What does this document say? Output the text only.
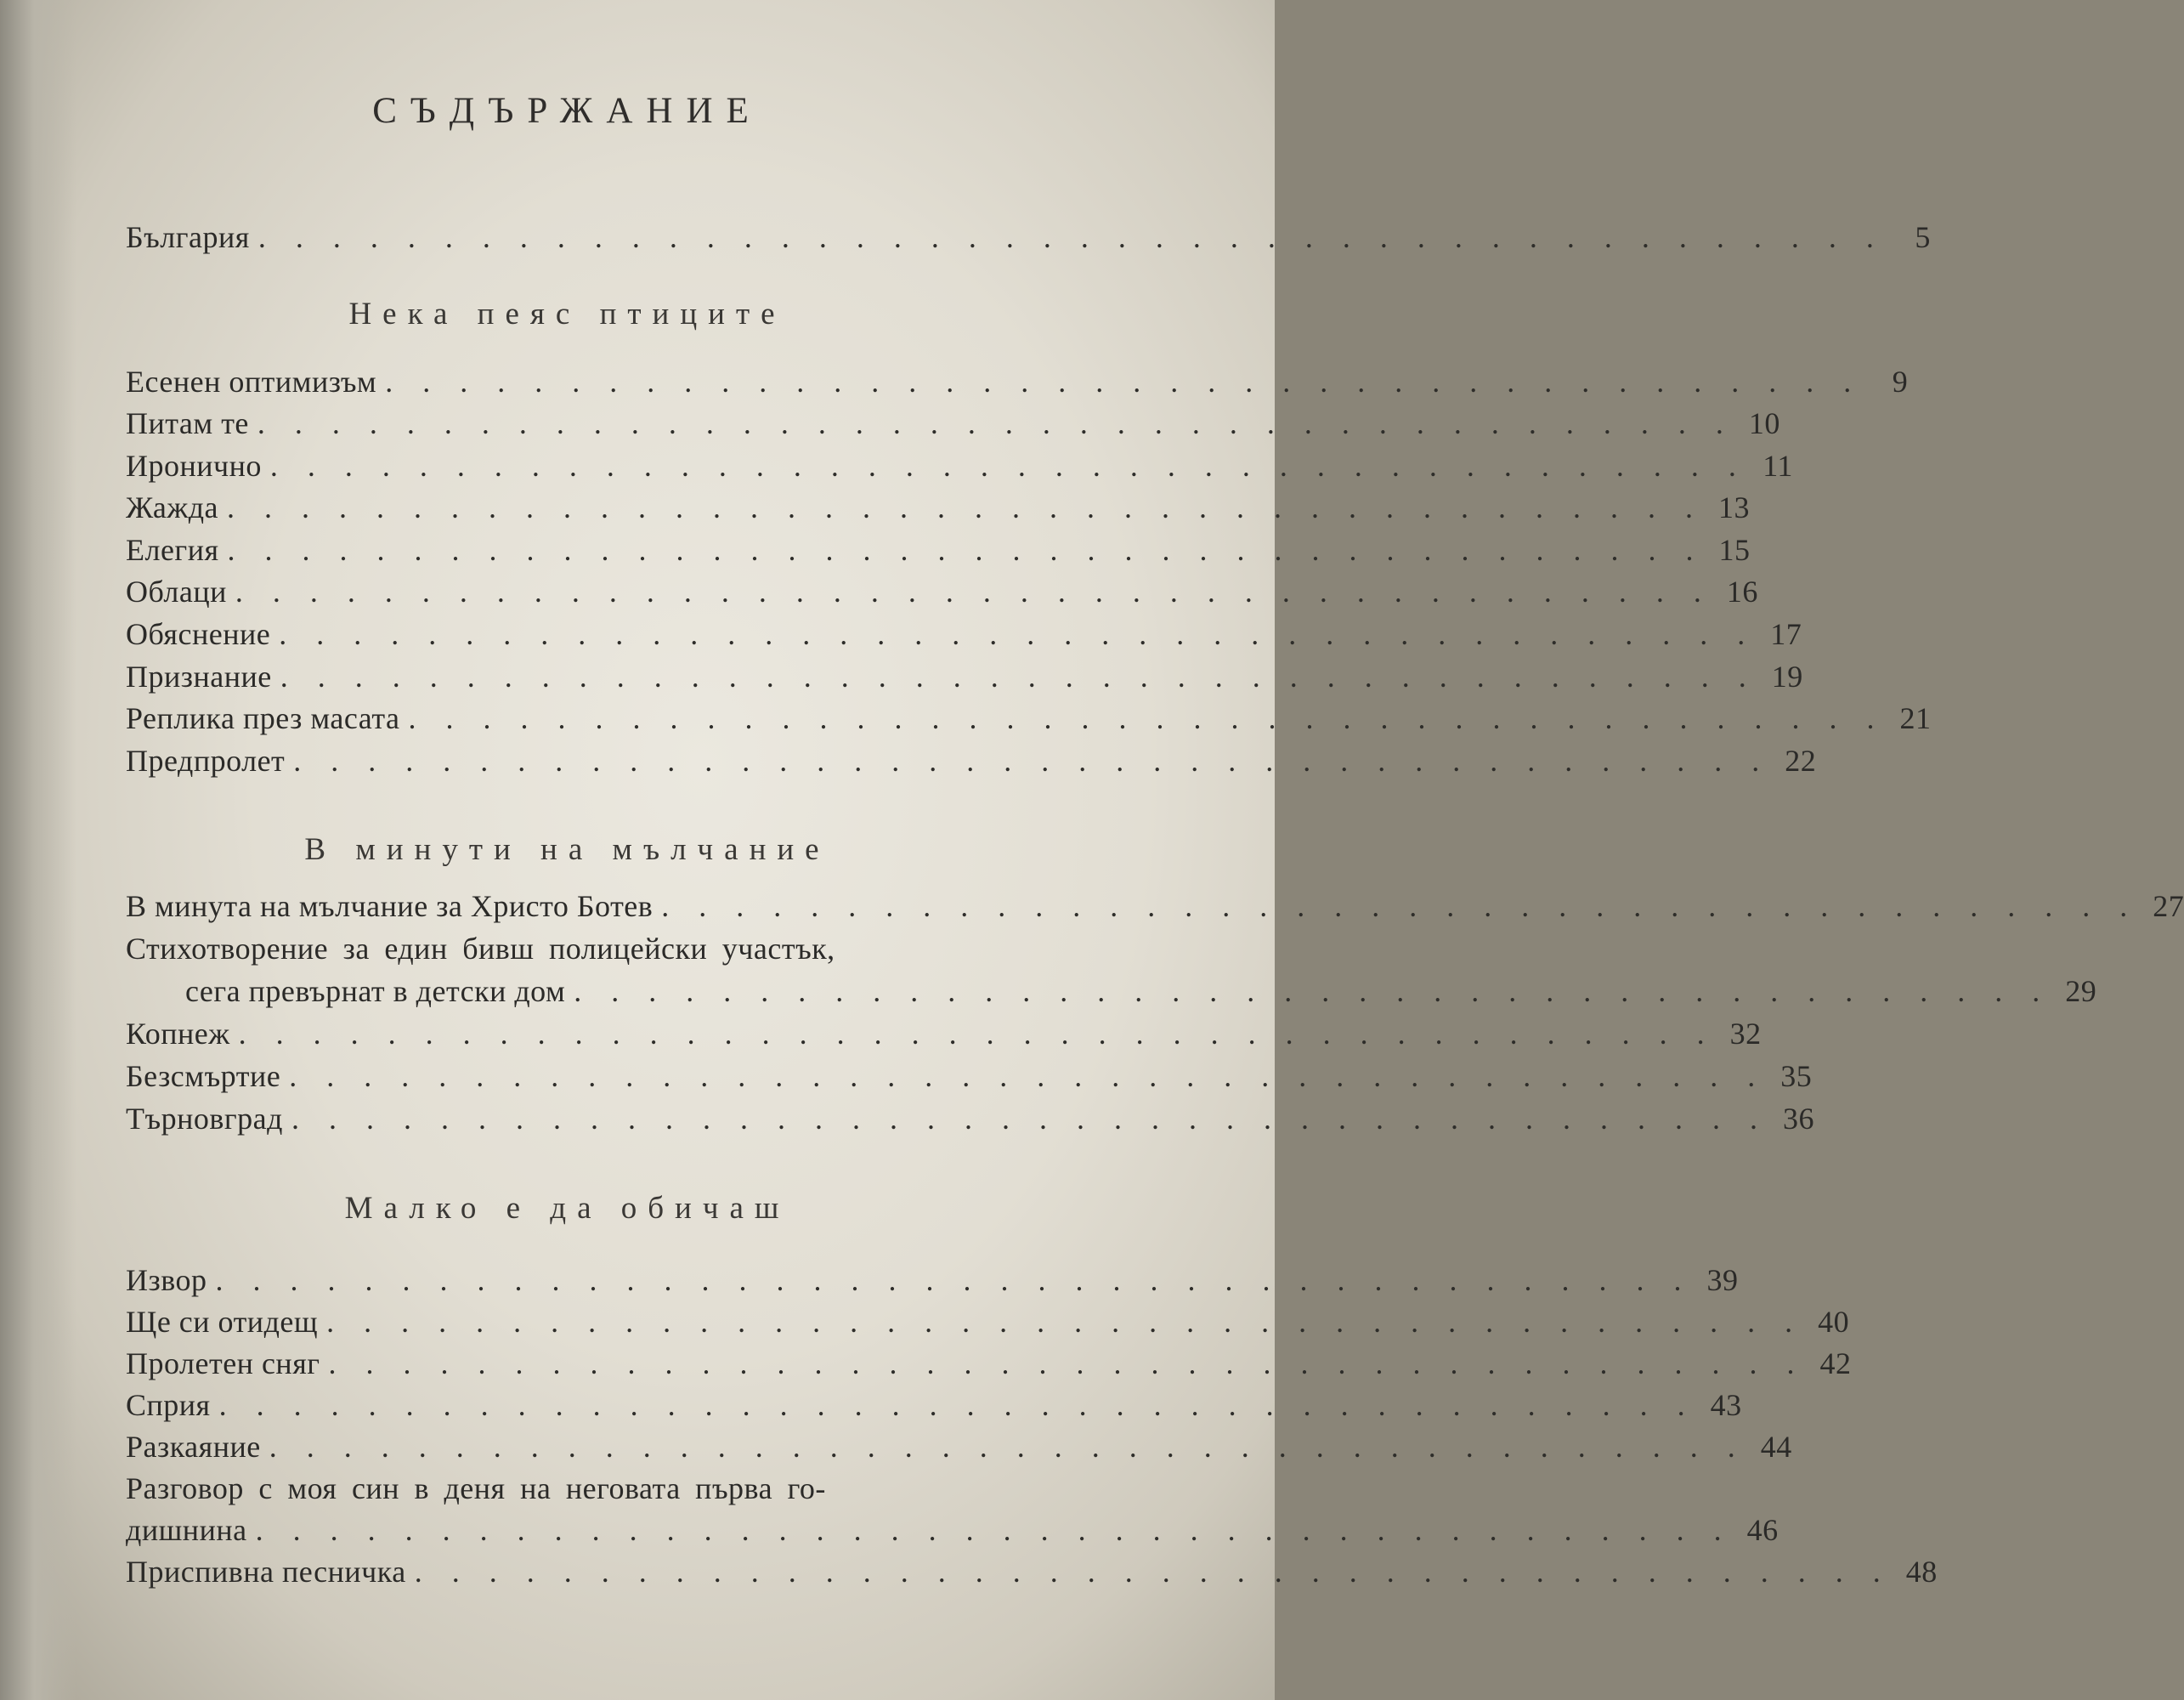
СЪДЪРЖАНИЕ
България . . . . . . . . . . . . . . . . . . . . . . . . . . . . . . . . . . . . . . . . . . . . 5
Нека пеяс птиците
Есенен оптимизъм . . . . . . . . . . . . . . . . . . . . . . . . . . . . . . . . . . . . . . . . 9
Питам те . . . . . . . . . . . . . . . . . . . . . . . . . . . . . . . . . . . . . . . . 10
Иронично . . . . . . . . . . . . . . . . . . . . . . . . . . . . . . . . . . . . . . . . 11
Жажда . . . . . . . . . . . . . . . . . . . . . . . . . . . . . . . . . . . . . . . . 13
Елегия . . . . . . . . . . . . . . . . . . . . . . . . . . . . . . . . . . . . . . . . 15
Облаци . . . . . . . . . . . . . . . . . . . . . . . . . . . . . . . . . . . . . . . . 16
Обяснение . . . . . . . . . . . . . . . . . . . . . . . . . . . . . . . . . . . . . . . . 17
Признание . . . . . . . . . . . . . . . . . . . . . . . . . . . . . . . . . . . . . . . . 19
Реплика през масата . . . . . . . . . . . . . . . . . . . . . . . . . . . . . . . . . . . . . . . . 21
Предпролет . . . . . . . . . . . . . . . . . . . . . . . . . . . . . . . . . . . . . . . . 22
В минути на мълчание
В минута на мълчание за Христо Ботев . . . . . . . . . . . . . . . . . . . . . . . . . . . . . . . . . . . . . . . . 27
Стихотворение за един бивш полицейски участък,
сега превърнат в детски дом . . . . . . . . . . . . . . . . . . . . . . . . . . . . . . . . . . . . . . . . 29
Копнеж . . . . . . . . . . . . . . . . . . . . . . . . . . . . . . . . . . . . . . . . 32
Безсмъртие . . . . . . . . . . . . . . . . . . . . . . . . . . . . . . . . . . . . . . . . 35
Търновград . . . . . . . . . . . . . . . . . . . . . . . . . . . . . . . . . . . . . . . . 36
Малко е да обичаш
Извор . . . . . . . . . . . . . . . . . . . . . . . . . . . . . . . . . . . . . . . . 39
Ще си отидещ . . . . . . . . . . . . . . . . . . . . . . . . . . . . . . . . . . . . . . . . 40
Пролетен сняг . . . . . . . . . . . . . . . . . . . . . . . . . . . . . . . . . . . . . . . . 42
Сприя . . . . . . . . . . . . . . . . . . . . . . . . . . . . . . . . . . . . . . . . 43
Разкаяние . . . . . . . . . . . . . . . . . . . . . . . . . . . . . . . . . . . . . . . . 44
Разговор с моя син в деня на неговата първа го-
дишнина . . . . . . . . . . . . . . . . . . . . . . . . . . . . . . . . . . . . . . . . 46
Приспивна песничка . . . . . . . . . . . . . . . . . . . . . . . . . . . . . . . . . . . . . . . . 48
